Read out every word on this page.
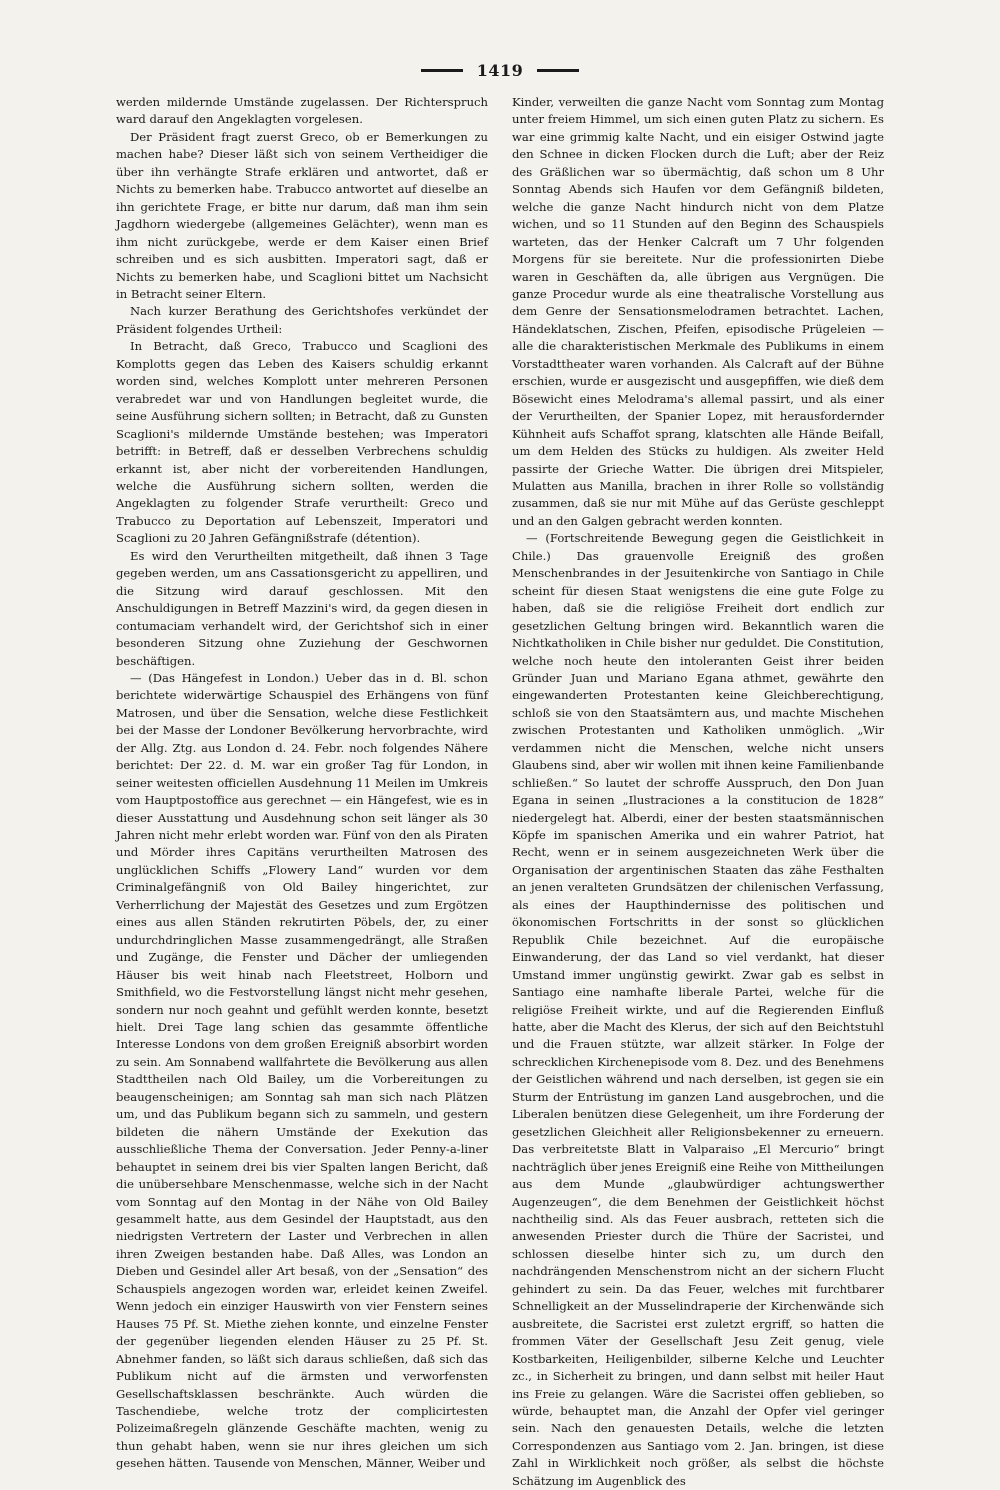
1419

werden mildernde Umstände zugelassen. Der Richterspruch ward darauf den Angeklagten vorgelesen.

Der Präsident fragt zuerst Greco, ob er Bemerkungen zu machen habe? Dieser läßt sich von seinem Vertheidiger die über ihn verhängte Strafe erklären und antwortet, daß er Nichts zu bemerken habe. Trabucco antwortet auf dieselbe an ihn gerichtete Frage, er bitte nur darum, daß man ihm sein Jagdhorn wiedergebe (allgemeines Gelächter), wenn man es ihm nicht zurückgebe, werde er dem Kaiser einen Brief schreiben und es sich ausbitten. Imperatori sagt, daß er Nichts zu bemerken habe, und Scaglioni bittet um Nachsicht in Betracht seiner Eltern.

Nach kurzer Berathung des Gerichtshofes verkündet der Präsident folgendes Urtheil:

In Betracht, daß Greco, Trabucco und Scaglioni des Komplotts gegen das Leben des Kaisers schuldig erkannt worden sind, welches Komplott unter mehreren Personen verabredet war und von Handlungen begleitet wurde, die seine Ausführung sichern sollten; in Betracht, daß zu Gunsten Scaglioni's mildernde Umstände bestehen; was Imperatori betrifft: in Betreff, daß er desselben Verbrechens schuldig erkannt ist, aber nicht der vorbereitenden Handlungen, welche die Ausführung sichern sollten, werden die Angeklagten zu folgender Strafe verurtheilt: Greco und Trabucco zu Deportation auf Lebenszeit, Imperatori und Scaglioni zu 20 Jahren Gefängnißstrafe (détention).

Es wird den Verurtheilten mitgetheilt, daß ihnen 3 Tage gegeben werden, um ans Cassationsgericht zu appelliren, und die Sitzung wird darauf geschlossen. Mit den Anschuldigungen in Betreff Mazzini's wird, da gegen diesen in contumaciam verhandelt wird, der Gerichtshof sich in einer besonderen Sitzung ohne Zuziehung der Geschwornen beschäftigen.

— (Das Hängefest in London.) Ueber das in d. Bl. schon berichtete widerwärtige Schauspiel des Erhängens von fünf Matrosen, und über die Sensation, welche diese Festlichkeit bei der Masse der Londoner Bevölkerung hervorbrachte, wird der Allg. Ztg. aus London d. 24. Febr. noch folgendes Nähere berichtet: Der 22. d. M. war ein großer Tag für London, in seiner weitesten officiellen Ausdehnung 11 Meilen im Umkreis vom Hauptpostoffice aus gerechnet — ein Hängefest, wie es in dieser Ausstattung und Ausdehnung schon seit länger als 30 Jahren nicht mehr erlebt worden war. Fünf von den als Piraten und Mörder ihres Capitäns verurtheilten Matrosen des unglücklichen Schiffs „Flowery Land“ wurden vor dem Criminalgefängniß von Old Bailey hingerichtet, zur Verherrlichung der Majestät des Gesetzes und zum Ergötzen eines aus allen Ständen rekrutirten Pöbels, der, zu einer undurchdringlichen Masse zusammengedrängt, alle Straßen und Zugänge, die Fenster und Dächer der umliegenden Häuser bis weit hinab nach Fleetstreet, Holborn und Smithfield, wo die Festvorstellung längst nicht mehr gesehen, sondern nur noch geahnt und gefühlt werden konnte, besetzt hielt. Drei Tage lang schien das gesammte öffentliche Interesse Londons von dem großen Ereigniß absorbirt worden zu sein. Am Sonnabend wallfahrtete die Bevölkerung aus allen Stadttheilen nach Old Bailey, um die Vorbereitungen zu beaugenscheinigen; am Sonntag sah man sich nach Plätzen um, und das Publikum begann sich zu sammeln, und gestern bildeten die nähern Umstände der Exekution das ausschließliche Thema der Conversation. Jeder Penny-a-liner behauptet in seinem drei bis vier Spalten langen Bericht, daß die unübersehbare Menschenmasse, welche sich in der Nacht vom Sonntag auf den Montag in der Nähe von Old Bailey gesammelt hatte, aus dem Gesindel der Hauptstadt, aus den niedrigsten Vertretern der Laster und Verbrechen in allen ihren Zweigen bestanden habe. Daß Alles, was London an Dieben und Gesindel aller Art besaß, von der „Sensation“ des Schauspiels angezogen worden war, erleidet keinen Zweifel. Wenn jedoch ein einziger Hauswirth von vier Fenstern seines Hauses 75 Pf. St. Miethe ziehen konnte, und einzelne Fenster der gegenüber liegenden elenden Häuser zu 25 Pf. St. Abnehmer fanden, so läßt sich daraus schließen, daß sich das Publikum nicht auf die ärmsten und verworfensten Gesellschaftsklassen beschränkte. Auch würden die Taschendiebe, welche trotz der complicirtesten Polizeimaßregeln glänzende Geschäfte machten, wenig zu thun gehabt haben, wenn sie nur ihres gleichen um sich gesehen hätten. Tausende von Menschen, Männer, Weiber und

Kinder, verweilten die ganze Nacht vom Sonntag zum Montag unter freiem Himmel, um sich einen guten Platz zu sichern. Es war eine grimmig kalte Nacht, und ein eisiger Ostwind jagte den Schnee in dicken Flocken durch die Luft; aber der Reiz des Gräßlichen war so übermächtig, daß schon um 8 Uhr Sonntag Abends sich Haufen vor dem Gefängniß bildeten, welche die ganze Nacht hindurch nicht von dem Platze wichen, und so 11 Stunden auf den Beginn des Schauspiels warteten, das der Henker Calcraft um 7 Uhr folgenden Morgens für sie bereitete. Nur die professionirten Diebe waren in Geschäften da, alle übrigen aus Vergnügen. Die ganze Procedur wurde als eine theatralische Vorstellung aus dem Genre der Sensationsmelodramen betrachtet. Lachen, Händeklatschen, Zischen, Pfeifen, episodische Prügeleien — alle die charakteristischen Merkmale des Publikums in einem Vorstadttheater waren vorhanden. Als Calcraft auf der Bühne erschien, wurde er ausgezischt und ausgepfiffen, wie dieß dem Bösewicht eines Melodrama's allemal passirt, und als einer der Verurtheilten, der Spanier Lopez, mit herausfordernder Kühnheit aufs Schaffot sprang, klatschten alle Hände Beifall, um dem Helden des Stücks zu huldigen. Als zweiter Held passirte der Grieche Watter. Die übrigen drei Mitspieler, Mulatten aus Manilla, brachen in ihrer Rolle so vollständig zusammen, daß sie nur mit Mühe auf das Gerüste geschleppt und an den Galgen gebracht werden konnten.

— (Fortschreitende Bewegung gegen die Geistlichkeit in Chile.) Das grauenvolle Ereigniß des großen Menschenbrandes in der Jesuitenkirche von Santiago in Chile scheint für diesen Staat wenigstens die eine gute Folge zu haben, daß sie die religiöse Freiheit dort endlich zur gesetzlichen Geltung bringen wird. Bekanntlich waren die Nichtkatholiken in Chile bisher nur geduldet. Die Constitution, welche noch heute den intoleranten Geist ihrer beiden Gründer Juan und Mariano Egana athmet, gewährte den eingewanderten Protestanten keine Gleichberechtigung, schloß sie von den Staatsämtern aus, und machte Mischehen zwischen Protestanten und Katholiken unmöglich. „Wir verdammen nicht die Menschen, welche nicht unsers Glaubens sind, aber wir wollen mit ihnen keine Familienbande schließen.“ So lautet der schroffe Ausspruch, den Don Juan Egana in seinen „Ilustraciones a la constitucion de 1828“ niedergelegt hat. Alberdi, einer der besten staatsmännischen Köpfe im spanischen Amerika und ein wahrer Patriot, hat Recht, wenn er in seinem ausgezeichneten Werk über die Organisation der argentinischen Staaten das zähe Festhalten an jenen veralteten Grundsätzen der chilenischen Verfassung, als eines der Haupthindernisse des politischen und ökonomischen Fortschritts in der sonst so glücklichen Republik Chile bezeichnet. Auf die europäische Einwanderung, der das Land so viel verdankt, hat dieser Umstand immer ungünstig gewirkt. Zwar gab es selbst in Santiago eine namhafte liberale Partei, welche für die religiöse Freiheit wirkte, und auf die Regierenden Einfluß hatte, aber die Macht des Klerus, der sich auf den Beichtstuhl und die Frauen stützte, war allzeit stärker. In Folge der schrecklichen Kirchenepisode vom 8. Dez. und des Benehmens der Geistlichen während und nach derselben, ist gegen sie ein Sturm der Entrüstung im ganzen Land ausgebrochen, und die Liberalen benützen diese Gelegenheit, um ihre Forderung der gesetzlichen Gleichheit aller Religionsbekenner zu erneuern. Das verbreitetste Blatt in Valparaiso „El Mercurio“ bringt nachträglich über jenes Ereigniß eine Reihe von Mittheilungen aus dem Munde „glaubwürdiger achtungswerther Augenzeugen“, die dem Benehmen der Geistlichkeit höchst nachtheilig sind. Als das Feuer ausbrach, retteten sich die anwesenden Priester durch die Thüre der Sacristei, und schlossen dieselbe hinter sich zu, um durch den nachdrängenden Menschenstrom nicht an der sichern Flucht gehindert zu sein. Da das Feuer, welches mit furchtbarer Schnelligkeit an der Musselindraperie der Kirchenwände sich ausbreitete, die Sacristei erst zuletzt ergriff, so hatten die frommen Väter der Gesellschaft Jesu Zeit genug, viele Kostbarkeiten, Heiligenbilder, silberne Kelche und Leuchter zc., in Sicherheit zu bringen, und dann selbst mit heiler Haut ins Freie zu gelangen. Wäre die Sacristei offen geblieben, so würde, behauptet man, die Anzahl der Opfer viel geringer sein. Nach den genauesten Details, welche die letzten Correspondenzen aus Santiago vom 2. Jan. bringen, ist diese Zahl in Wirklichkeit noch größer, als selbst die höchste Schätzung im Augenblick des
